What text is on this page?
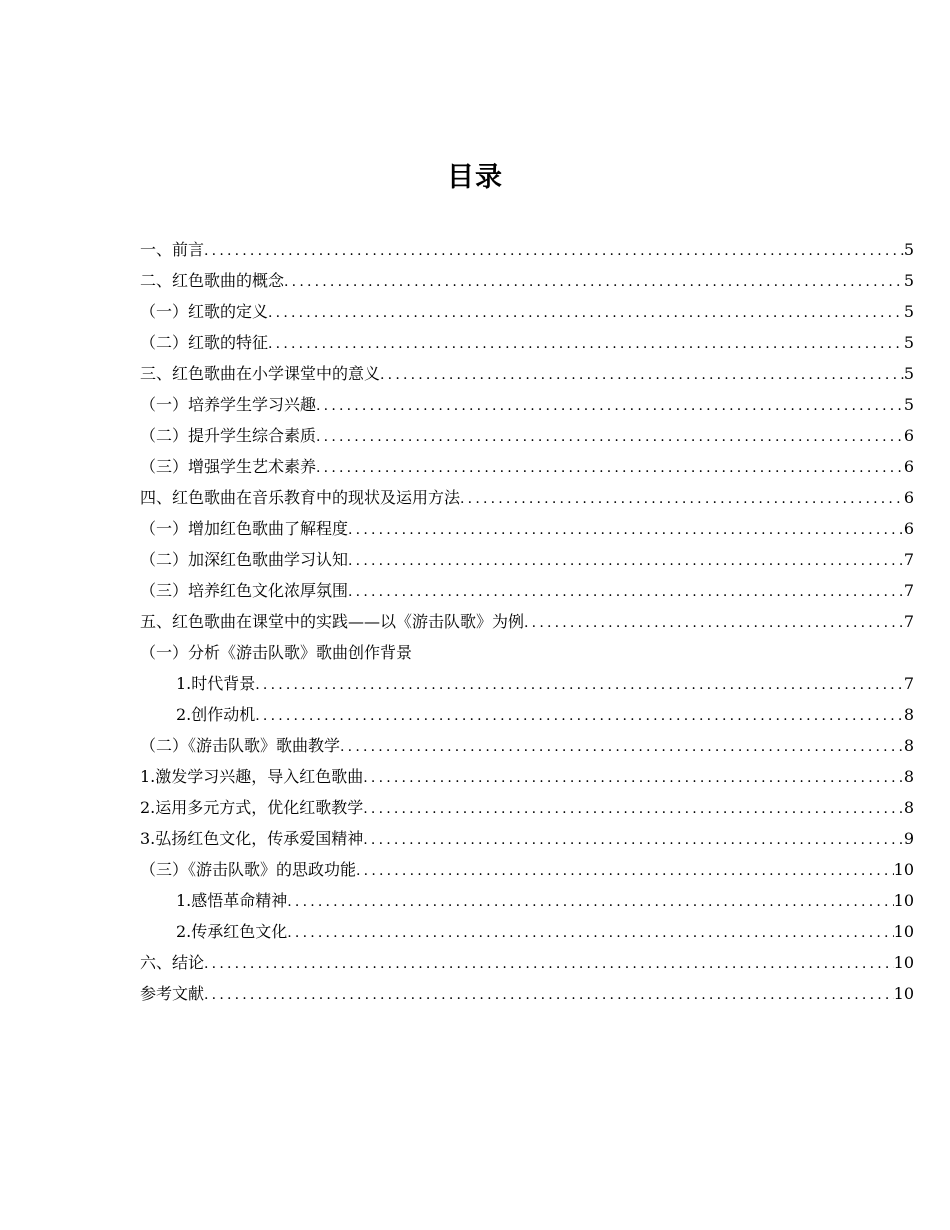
目录
一、前言 .....	5
二、红色歌曲的概念 .....	5
（一）红歌的定义 .....	5
（二）红歌的特征 .....	5
三、红色歌曲在小学课堂中的意义 .....	5
（一）培养学生学习兴趣 .....	5
（二）提升学生综合素质 .....	6
（三）增强学生艺术素养 .....	6
四、红色歌曲在音乐教育中的现状及运用方法 .....	6
（一）增加红色歌曲了解程度 .....	6
（二）加深红色歌曲学习认知 .....	7
（三）培养红色文化浓厚氛围 .....	7
五、红色歌曲在课堂中的实践——以《游击队歌》为例 .....	7
（一）分析《游击队歌》歌曲创作背景
1.时代背景 .....	7
2.创作动机 .....	8
（二）《游击队歌》歌曲教学 .....	8
1.激发学习兴趣，导入红色歌曲 .....	8
2.运用多元方式，优化红歌教学 .....	8
3.弘扬红色文化，传承爱国精神 .....	9
（三）《游击队歌》的思政功能 .....	10
1.感悟革命精神 .....	10
2.传承红色文化 .....	10
六、结论 .....	10
参考文献 .....	10
